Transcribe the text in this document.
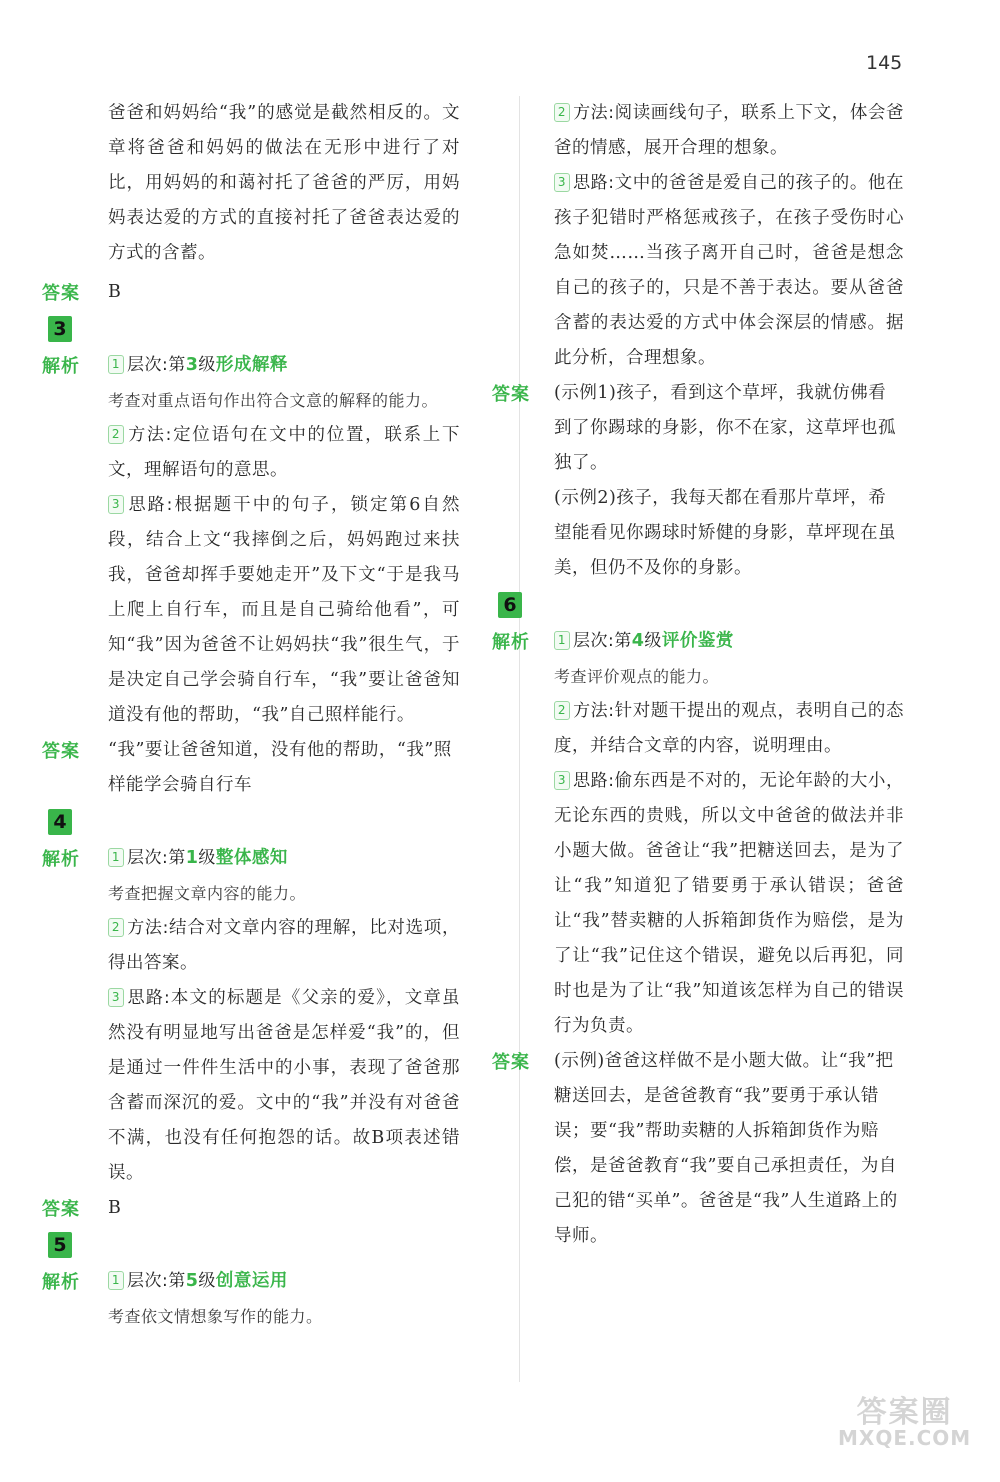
145
爸爸和妈妈给“我”的感觉是截然相反的。文章将爸爸和妈妈的做法在无形中进行了对比，用妈妈的和蔼衬托了爸爸的严厉，用妈妈表达爱的方式的直接衬托了爸爸表达爱的方式的含蓄。
答案 B
3
解析	1 层次:第3级形成解释
考查对重点语句作出符合文意的解释的能力。
2 方法:定位语句在文中的位置，联系上下文，理解语句的意思。
3 思路:根据题干中的句子，锁定第6自然段，结合上文“我摔倒之后，妈妈跑过来扶我，爸爸却挥手要她走开”及下文“于是我马上爬上自行车，而且是自己骑给他看”，可知“我”因为爸爸不让妈妈扶“我”很生气，于是决定自己学会骑自行车，“我”要让爸爸知道没有他的帮助，“我”自己照样能行。
答案 “我”要让爸爸知道，没有他的帮助，“我”照样能学会骑自行车
4
解析	1 层次:第1级整体感知
考查把握文章内容的能力。
2 方法:结合对文章内容的理解，比对选项，得出答案。
3 思路:本文的标题是《父亲的爱》，文章虽然没有明显地写出爸爸是怎样爱“我”的，但是通过一件件生活中的小事，表现了爸爸那含蓄而深沉的爱。文中的“我”并没有对爸爸不满，也没有任何抱怨的话。故B项表述错误。
答案 B
5
解析	1 层次:第5级创意运用
考查依文情想象写作的能力。
2 方法:阅读画线句子，联系上下文，体会爸爸的情感，展开合理的想象。
3 思路:文中的爸爸是爱自己的孩子的。他在孩子犯错时严格惩戒孩子，在孩子受伤时心急如焚……当孩子离开自己时，爸爸是想念自己的孩子的，只是不善于表达。要从爸爸含蓄的表达爱的方式中体会深层的情感。据此分析，合理想象。
答案 (示例1)孩子，看到这个草坪，我就仿佛看到了你踢球的身影，你不在家，这草坪也孤独了。
(示例2)孩子，我每天都在看那片草坪，希望能看见你踢球时矫健的身影，草坪现在虽美，但仍不及你的身影。
6
解析	1 层次:第4级评价鉴赏
考查评价观点的能力。
2 方法:针对题干提出的观点，表明自己的态度，并结合文章的内容，说明理由。
3 思路:偷东西是不对的，无论年龄的大小，无论东西的贵贱，所以文中爸爸的做法并非小题大做。爸爸让“我”把糖送回去，是为了让“我”知道犯了错要勇于承认错误；爸爸让“我”替卖糖的人拆箱卸货作为赔偿，是为了让“我”记住这个错误，避免以后再犯，同时也是为了让“我”知道该怎样为自己的错误行为负责。
答案 (示例)爸爸这样做不是小题大做。让“我”把糖送回去，是爸爸教育“我”要勇于承认错误；要“我”帮助卖糖的人拆箱卸货作为赔偿，是爸爸教育“我”要自己承担责任，为自己犯的错“买单”。爸爸是“我”人生道路上的导师。
答案圈
MXQE.COM
